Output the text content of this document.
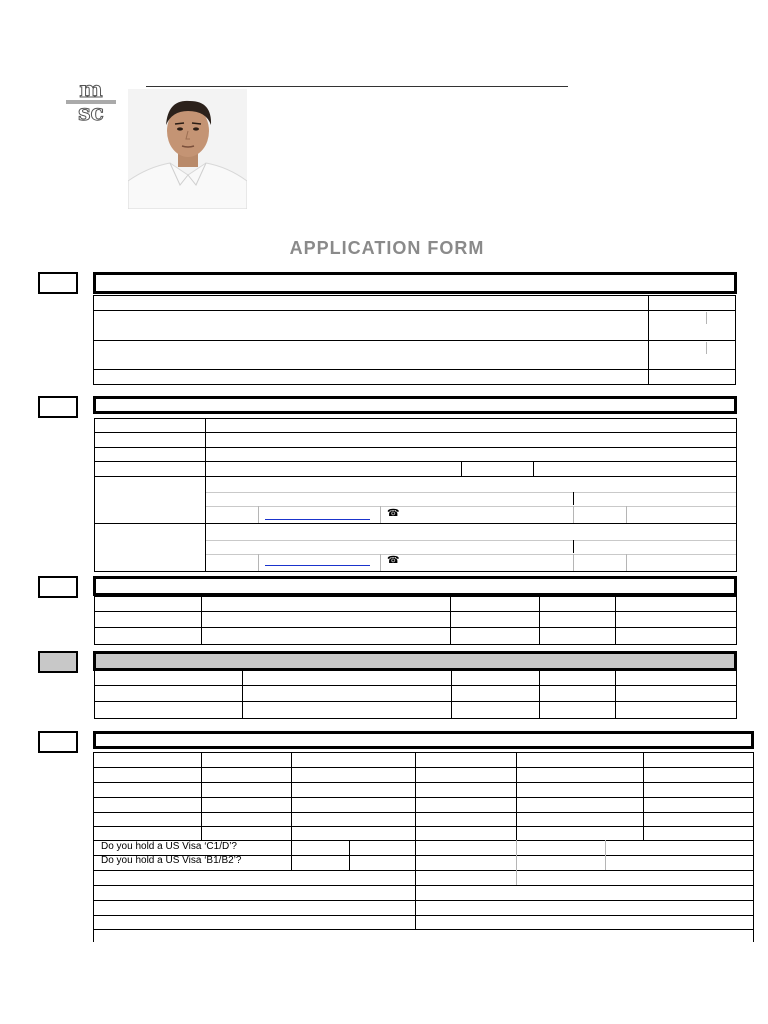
m
sc
APPLICATION FORM
☎
☎
Do you hold a US Visa ‘C1/D’?
Do you hold a US Visa ‘B1/B2’?
